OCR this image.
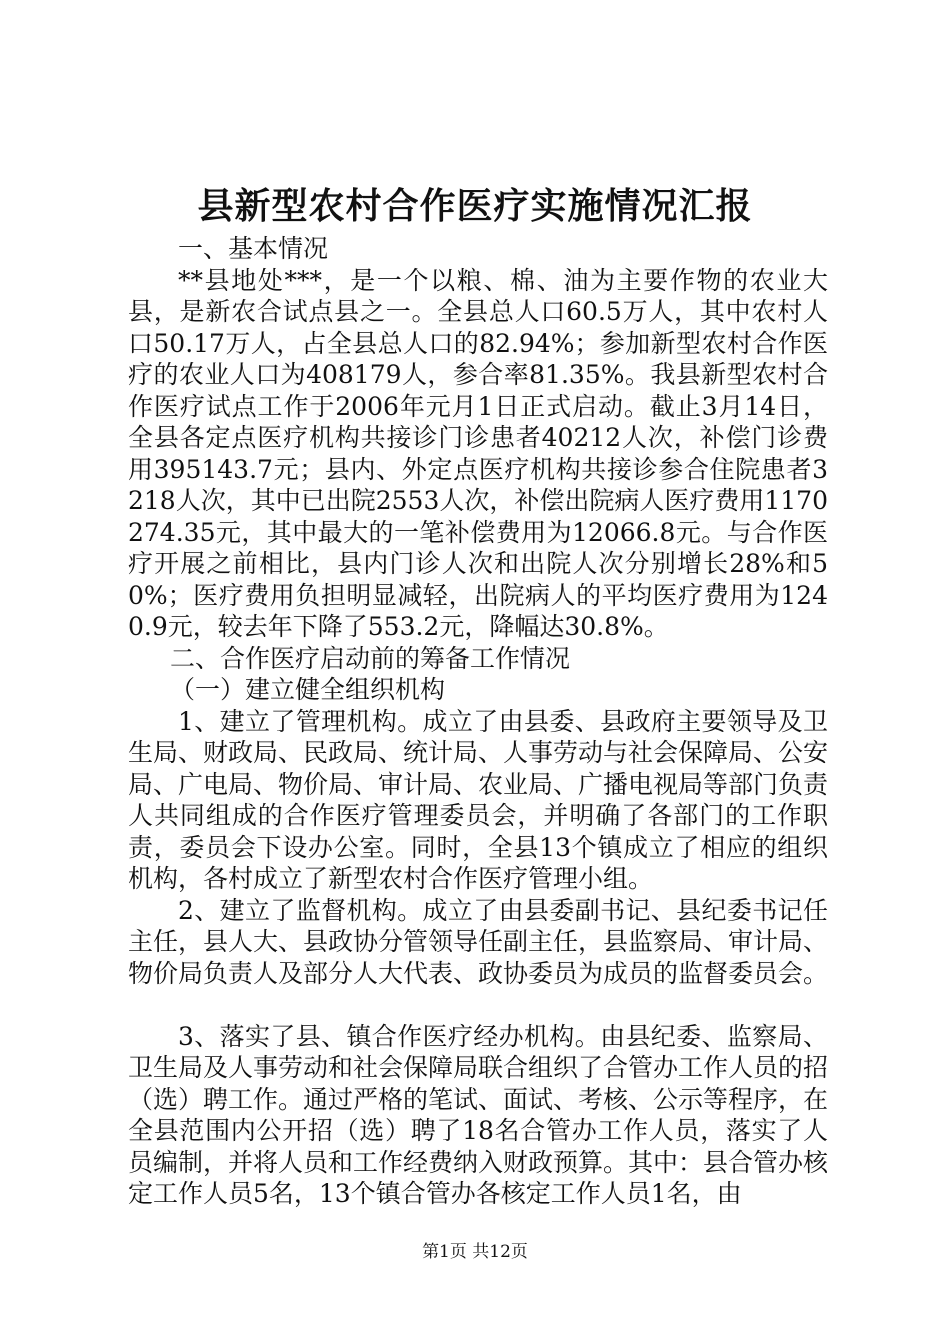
县新型农村合作医疗实施情况汇报

一、基本情况

**县地处***，是一个以粮、棉、油为主要作物的农业大县，是新农合试点县之一。全县总人口60.5万人，其中农村人口50.17万人，占全县总人口的82.94%；参加新型农村合作医疗的农业人口为408179人，参合率81.35%。我县新型农村合作医疗试点工作于2006年元月1日正式启动。截止3月14日，全县各定点医疗机构共接诊门诊患者40212人次，补偿门诊费用395143.7元；县内、外定点医疗机构共接诊参合住院患者3218人次，其中已出院2553人次，补偿出院病人医疗费用1170274.35元，其中最大的一笔补偿费用为12066.8元。与合作医疗开展之前相比，县内门诊人次和出院人次分别增长28%和50%；医疗费用负担明显减轻，出院病人的平均医疗费用为1240.9元，较去年下降了553.2元，降幅达30.8%。

二、合作医疗启动前的筹备工作情况

（一）建立健全组织机构

1、建立了管理机构。成立了由县委、县政府主要领导及卫生局、财政局、民政局、统计局、人事劳动与社会保障局、公安局、广电局、物价局、审计局、农业局、广播电视局等部门负责人共同组成的合作医疗管理委员会，并明确了各部门的工作职责，委员会下设办公室。同时，全县13个镇成立了相应的组织机构，各村成立了新型农村合作医疗管理小组。

2、建立了监督机构。成立了由县委副书记、县纪委书记任主任，县人大、县政协分管领导任副主任，县监察局、审计局、物价局负责人及部分人大代表、政协委员为成员的监督委员会。

3、落实了县、镇合作医疗经办机构。由县纪委、监察局、卫生局及人事劳动和社会保障局联合组织了合管办工作人员的招（选）聘工作。通过严格的笔试、面试、考核、公示等程序，在全县范围内公开招（选）聘了18名合管办工作人员，落实了人员编制，并将人员和工作经费纳入财政预算。其中：县合管办核定工作人员5名，13个镇合管办各核定工作人员1名，由

第1页 共12页
